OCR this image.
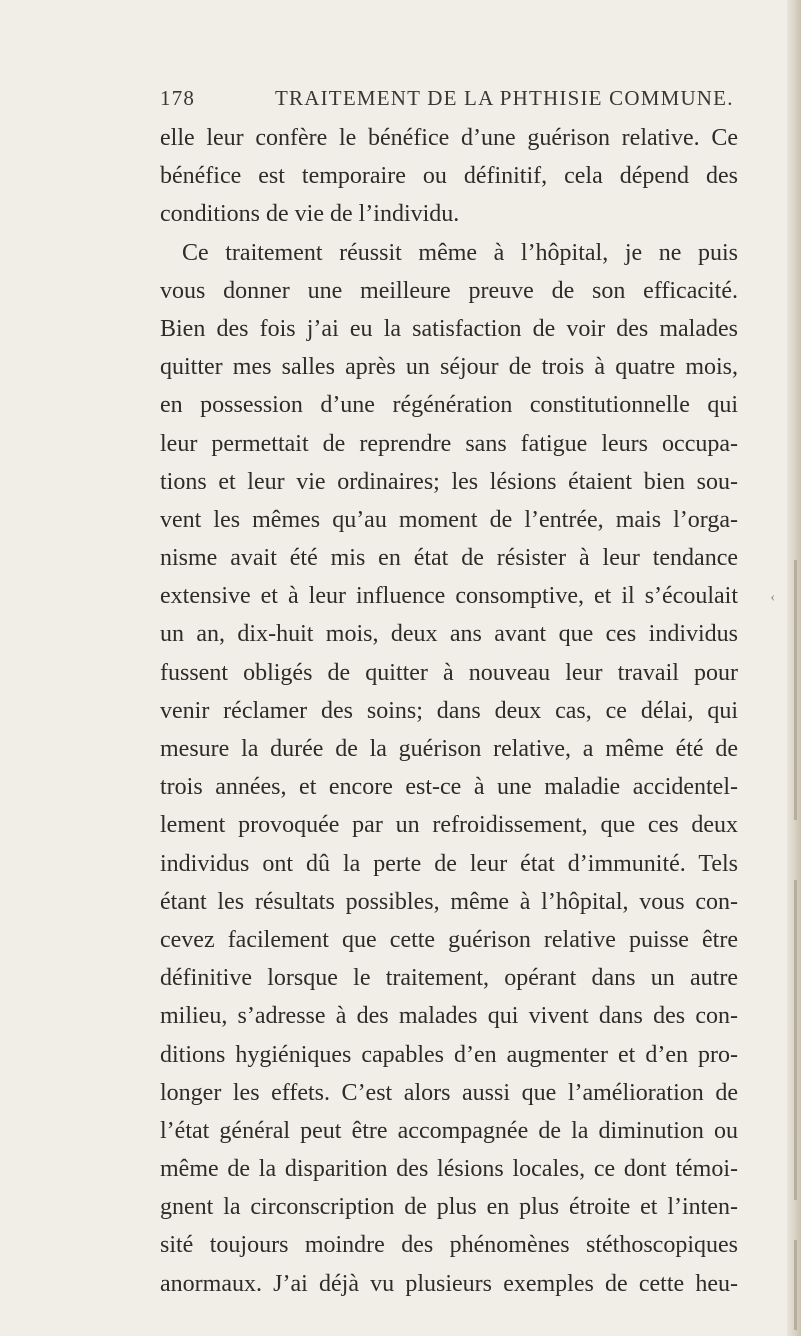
‹
178	TRAITEMENT DE LA PHTHISIE COMMUNE.
elle leur confère le bénéfice d’une guérison relative. Ce
bénéfice est temporaire ou définitif, cela dépend des
conditions de vie de l’individu.
Ce traitement réussit même à l’hôpital, je ne puis
vous donner une meilleure preuve de son efficacité.
Bien des fois j’ai eu la satisfaction de voir des malades
quitter mes salles après un séjour de trois à quatre mois,
en possession d’une régénération constitutionnelle qui
leur permettait de reprendre sans fatigue leurs occupa-
tions et leur vie ordinaires; les lésions étaient bien sou-
vent les mêmes qu’au moment de l’entrée, mais l’orga-
nisme avait été mis en état de résister à leur tendance
extensive et à leur influence consomptive, et il s’écoulait
un an, dix-huit mois, deux ans avant que ces individus
fussent obligés de quitter à nouveau leur travail pour
venir réclamer des soins; dans deux cas, ce délai, qui
mesure la durée de la guérison relative, a même été de
trois années, et encore est-ce à une maladie accidentel-
lement provoquée par un refroidissement, que ces deux
individus ont dû la perte de leur état d’immunité. Tels
étant les résultats possibles, même à l’hôpital, vous con-
cevez facilement que cette guérison relative puisse être
définitive lorsque le traitement, opérant dans un autre
milieu, s’adresse à des malades qui vivent dans des con-
ditions hygiéniques capables d’en augmenter et d’en pro-
longer les effets. C’est alors aussi que l’amélioration de
l’état général peut être accompagnée de la diminution ou
même de la disparition des lésions locales, ce dont témoi-
gnent la circonscription de plus en plus étroite et l’inten-
sité toujours moindre des phénomènes stéthoscopiques
anormaux. J’ai déjà vu plusieurs exemples de cette heu-
